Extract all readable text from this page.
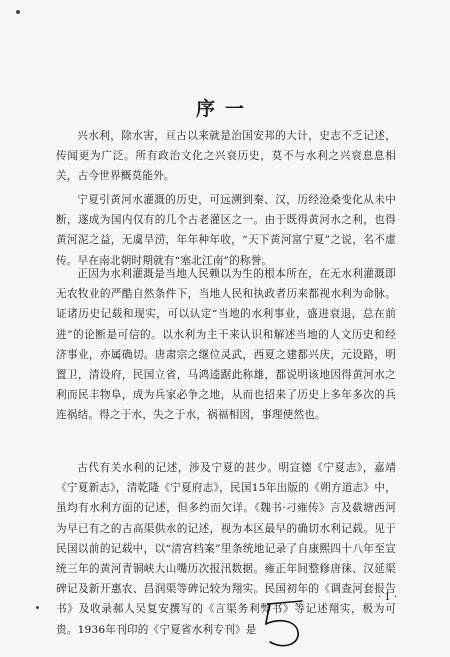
序一

兴水利，除水害，亘古以来就是治国安邦的大计，史志不乏记述，传闻更为广泛。所有政治文化之兴衰历史，莫不与水利之兴衰息息相关，古今世界概莫能外。

宁夏引黄河水灌溉的历史，可远溯到秦、汉，历经沧桑变化从未中断，遂成为国内仅有的几个古老灌区之一。由于既得黄河水之利，也得黄河泥之益，无虞旱涝，年年种年收，“天下黄河富宁夏”之说，名不虚传。早在南北朝时期就有“塞北江南”的称誉。

正因为水利灌溉是当地人民赖以为生的根本所在，在无水利灌溉即无农牧业的严酷自然条件下，当地人民和执政者历来都视水利为命脉。证诸历史记载和现实，可以认定“当地的水利事业，盛进衰退，总在前进”的论断是可信的。以水利为主干来认识和解述当地的人文历史和经济事业，亦属确切。唐肃宗之继位灵武，西夏之建都兴庆，元设路，明置卫，清设府，民国立省，马鸿逵踞此称雄，都说明该地因得黄河水之利而民丰物阜，成为兵家必争之地，从而也招来了历史上多年多次的兵连祸结。得之于水，失之于水，祸福相因，事理使然也。

古代有关水利的记述，涉及宁夏的甚少。明宣德《宁夏志》，嘉靖《宁夏新志》，清乾隆《宁夏府志》，民国15年出版的《朔方道志》中，虽均有水利方面的记述，但多约而欠详。《魏书·刁雍传》言及截塘西河为早已有之的古高渠供水的记述，视为本区最早的确切水利记载。见于民国以前的记载中，以“清宫档案”里条统地记录了自康熙四十八年至宣统三年的黄河青铜峡大山嘴历次报汛数据。雍正年间整修唐徕、汉延渠碑记及新开惠农、昌润渠等碑记较为翔实。民国初年的《调查河套报告书》及收录郝人吴复安撰写的《言渠务利弊书》等记述翔实，极为可贵。1936年刊印的《宁夏省水利专刊》是

· 1 ·
